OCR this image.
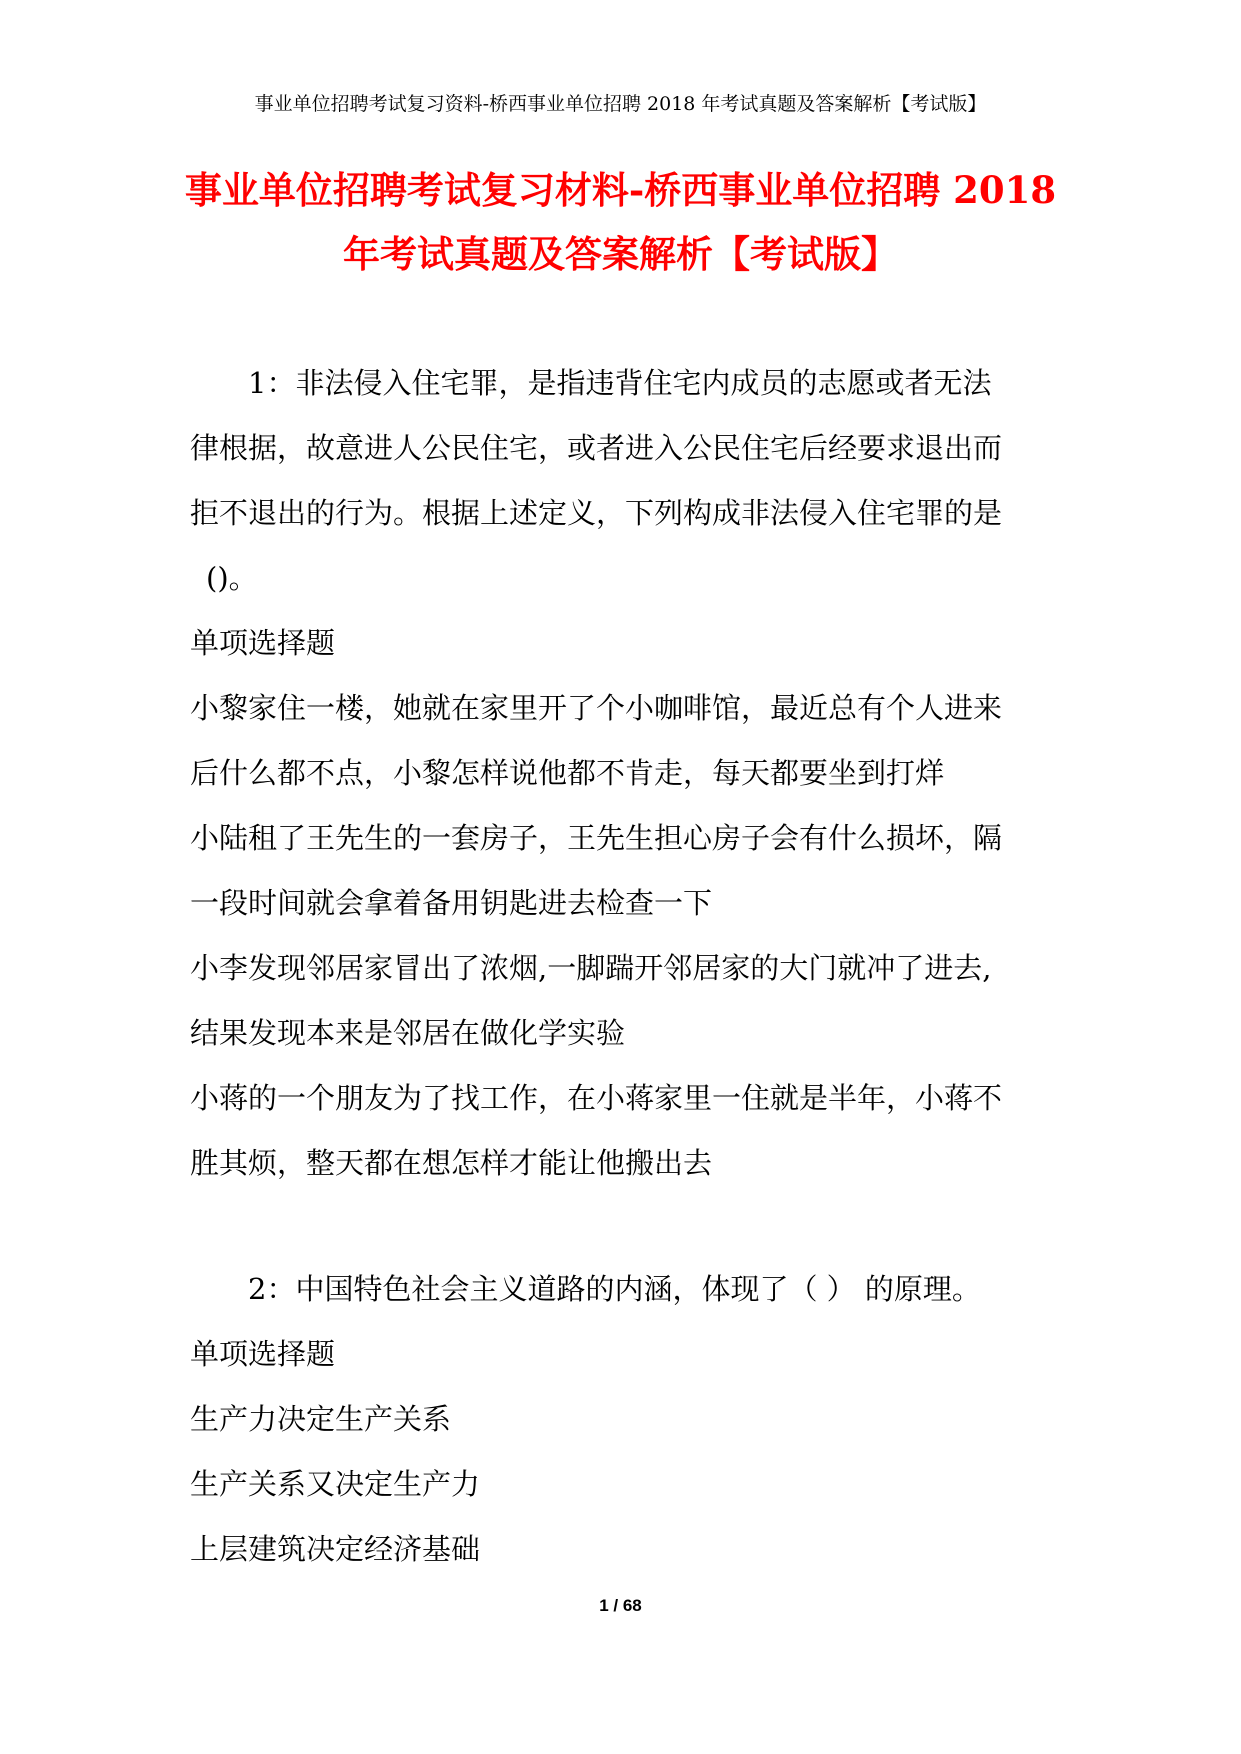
事业单位招聘考试复习资料-桥西事业单位招聘 2018 年考试真题及答案解析【考试版】
事业单位招聘考试复习材料-桥西事业单位招聘 2018
年考试真题及答案解析【考试版】

1：非法侵入住宅罪，是指违背住宅内成员的志愿或者无法

律根据，故意进人公民住宅，或者进入公民住宅后经要求退出而

拒不退出的行为。根据上述定义，下列构成非法侵入住宅罪的是

()。

单项选择题

小黎家住一楼，她就在家里开了个小咖啡馆，最近总有个人进来

后什么都不点，小黎怎样说他都不肯走，每天都要坐到打烊

小陆租了王先生的一套房子，王先生担心房子会有什么损坏，隔

一段时间就会拿着备用钥匙进去检查一下

小李发现邻居家冒出了浓烟,一脚踹开邻居家的大门就冲了进去,

结果发现本来是邻居在做化学实验

小蒋的一个朋友为了找工作，在小蒋家里一住就是半年，小蒋不

胜其烦，整天都在想怎样才能让他搬出去

2：中国特色社会主义道路的内涵，体现了（ ） 的原理。

单项选择题

生产力决定生产关系

生产关系又决定生产力

上层建筑决定经济基础

1 / 68
